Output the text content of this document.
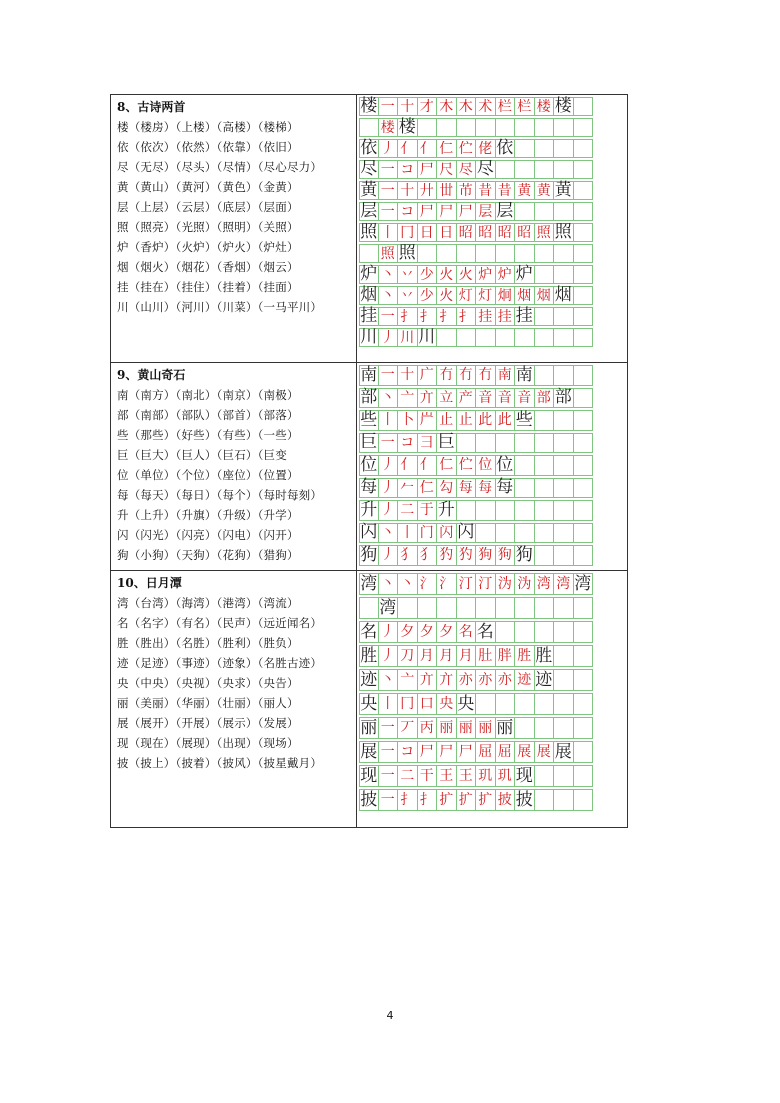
8、古诗两首
楼（楼房）（上楼）（高楼）（楼梯）
依（依次）（依然）（依靠）（依旧）
尽（无尽）（尽头）（尽情）（尽心尽力）
黄（黄山）（黄河）（黄色）（金黄）
层（上层）（云层）（底层）（层面）
照（照亮）（光照）（照明）（关照）
炉（香炉）（火炉）（炉火）（炉灶）
烟（烟火）（烟花）（香烟）（烟云）
挂（挂在）（挂住）（挂着）（挂面）
川（山川）（河川）（川菜）（一马平川）
楼 一 十 才 木 木 术 栏 栏 楼 楼
楼 楼
依 丿 亻 亻 仁 伫 佬 依
尽 一 コ 尸 尺 尽 尽
黄 一 十 廾 丗 芇 昔 昔 黄 黄 黄
层 一 コ 尸 尸 尸 层 层
照 丨 冂 日 日 昭 昭 昭 昭 照 照
照 照
炉 丶 丷 少 火 火 炉 炉 炉
烟 丶 丷 少 火 灯 灯 炯 烟 烟 烟
挂 一 扌 扌 扌 扌 挂 挂 挂
川 丿 川 川
9、黄山奇石
南（南方）（南北）（南京）（南极）
部（南部）（部队）（部首）（部落）
些（那些）（好些）（有些）（一些）
巨（巨大）（巨人）（巨石）（巨变
位（单位）（个位）（座位）（位置）
每（每天）（每日）（每个）（每时每刻）
升（上升）（升旗）（升级）（升学）
闪（闪光）（闪亮）（闪电）（闪开）
狗（小狗）（天狗）（花狗）（猎狗）
南 一 十 广 冇 冇 冇 南 南
部 丶 亠 亣 立 产 音 音 音 部 部
些 丨 卜 屵 止 止 此 此 些
巨 一 コ 彐 巨
位 丿 亻 亻 仁 伫 位 位
每 丿 𠂉 仁 勾 每 每 每
升 丿 二 于 升
闪 丶 丨 门 闪 闪
狗 丿 犭 犭 犳 犳 狗 狗 狗
10、日月潭
湾（台湾）（海湾）（港湾）（湾流）
名（名字）（有名）（民声）（远近闻名）
胜（胜出）（名胜）（胜利）（胜负）
迹（足迹）（事迹）（迹象）（名胜古迹）
央（中央）（央视）（央求）（央告）
丽（美丽）（华丽）（壮丽）（丽人）
展（展开）（开展）（展示）（发展）
现（现在）（展现）（出现）（现场）
披（披上）（披着）（披风）（披星戴月）
湾 丶 丶 氵 氵 汀 汀 沩 沩 湾 湾 湾
湾
名 丿 夕 夕 夕 名 名
胜 丿 刀 月 月 月 肚 胖 胜 胜
迹 丶 亠 亣 亣 亦 亦 亦 迹 迹
央 丨 冂 口 央 央
丽 一 丆 丙 丽 丽 丽 丽
展 一 コ 尸 尸 尸 屈 屈 展 展 展
现 一 二 干 王 王 玑 玑 现
披 一 扌 扌 扩 扩 扩 披 披
4
